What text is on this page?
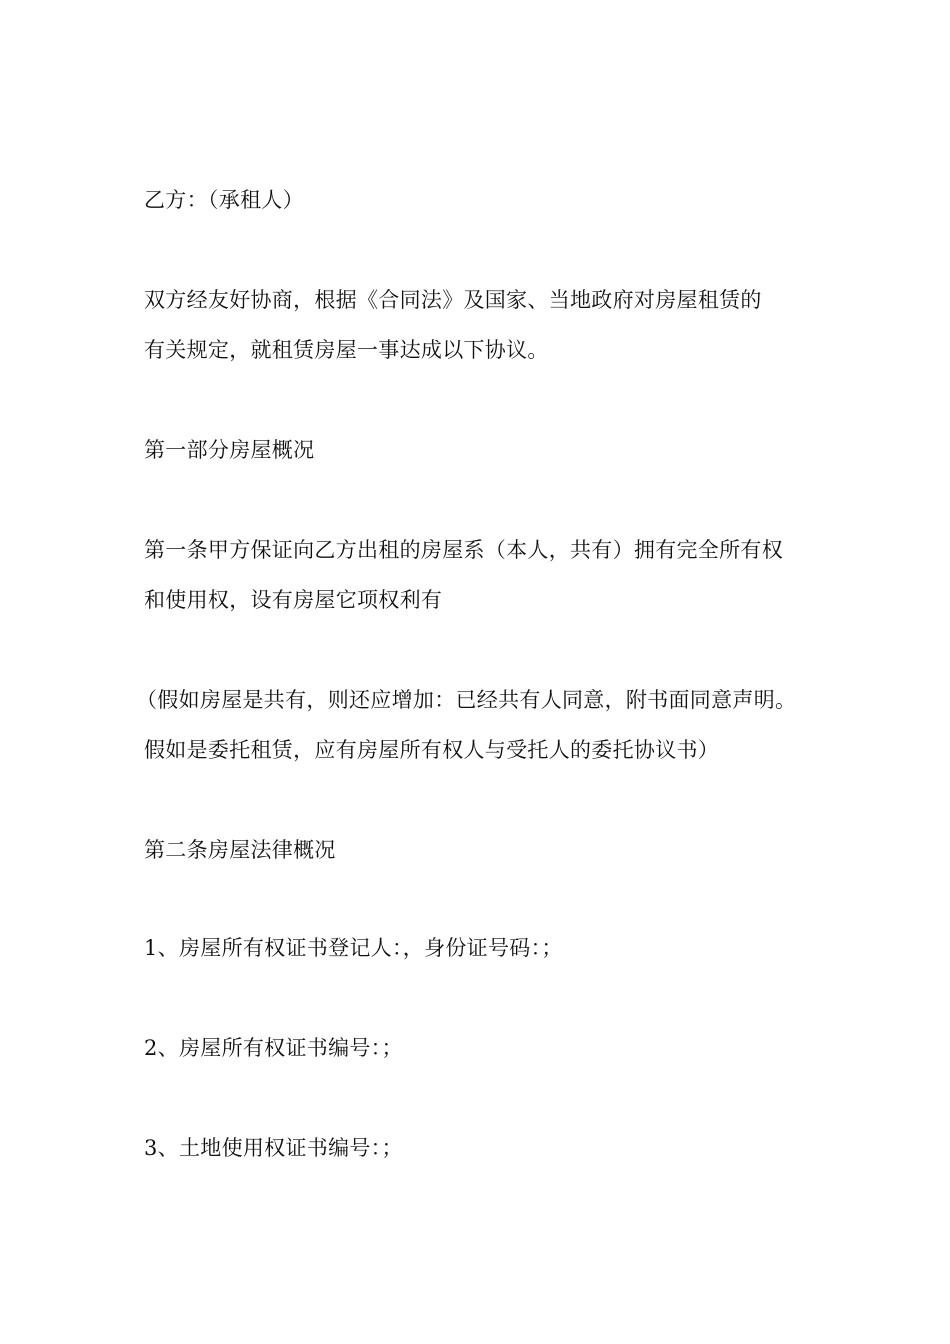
乙方：（承租人）
双方经友好协商，根据《合同法》及国家、当地政府对房屋租赁的
有关规定，就租赁房屋一事达成以下协议。
第一部分房屋概况
第一条甲方保证向乙方出租的房屋系（本人，共有）拥有完全所有权
和使用权，设有房屋它项权利有
（假如房屋是共有，则还应增加：已经共有人同意，附书面同意声明。
假如是委托租赁，应有房屋所有权人与受托人的委托协议书）
第二条房屋法律概况
1、房屋所有权证书登记人：，身份证号码：；
2、房屋所有权证书编号：；
3、土地使用权证书编号：；
